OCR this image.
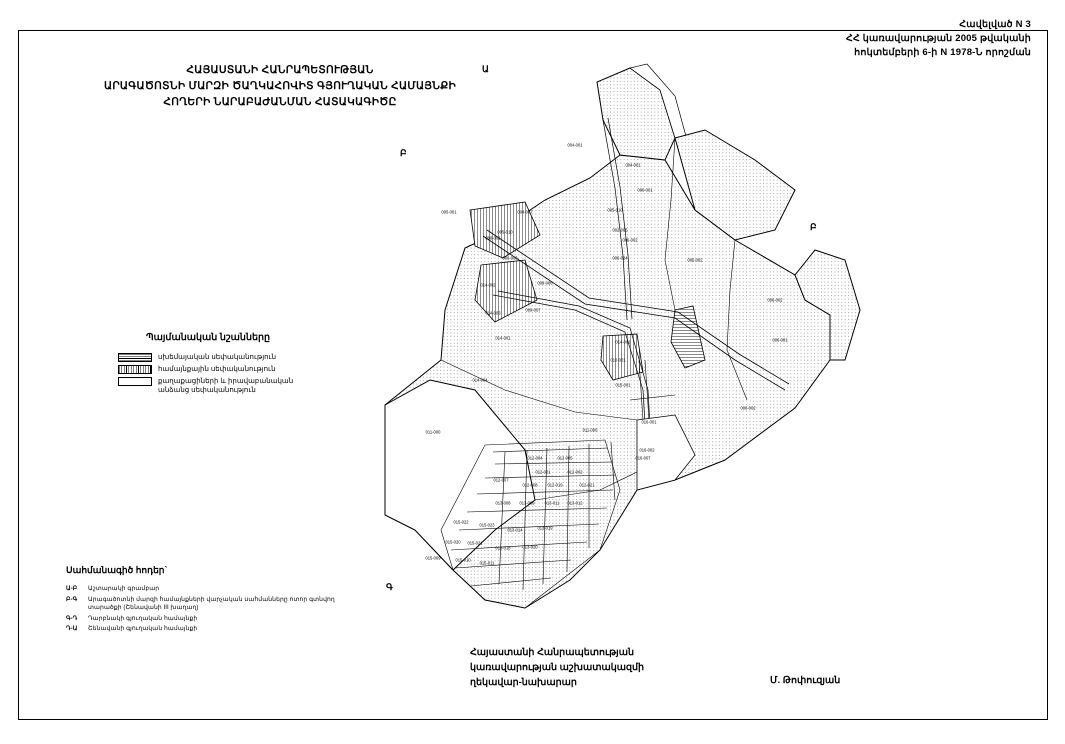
Հավելված N 3
ՀՀ կառավարության 2005 թվականի
հոկտեմբերի 6-ի N 1978-Ն որոշման
ՀԱՅԱՍՏԱՆԻ ՀԱՆՐԱՊԵՏՈՒԹՅԱՆ
ԱՐԱԳԱԾՈՏՆԻ ՄԱՐԶԻ ԾԱՂԿԱՀՈՎԻՏ ԳՅՈՒՂԱԿԱՆ ՀԱՄԱՅՆՔԻ
ՀՈՂԵՐԻ ՆԱՐԱԲԱԺԱՆՄԱՆ ՀԱՏԱԿԱԳԻԾԸ
Ա
Բ
Բ
Գ
004-001
004-001
006-001
005-001	004-007	005-010
005-010	002-005
008-001	006-002
006-003	006-024	006-002
014-002	009-006
006-002
014-003
009-007
006-001
014-001
014-001
010-001
014-004
015-001
006-002
011-000	011-000
016-001
016-002
016-007
012-004	012-005
012-001	012-002
012-007
012-008 012-019	012-021
013-008 013-009 013-011 013-012
015-022
015-023
013-014	013-019
015-020 015-021
013-018	013-020
015-009	015-010
015-011
Պայմանական նշանները
սխեմայական սեփականություն
համայնքային սեփականություն
քաղաքացիների և իրավաբանական
անձանց սեփականություն
Սահմանագիծ հոդեր`
Ա-Բ	Աշտարակի գրամբար
Բ-Գ	Արագածոտնի մարզի համայնքների վարչական սահմանները ոտոր գտնվող տարածքի (Շենավանի III խաղաղ)
Գ-Դ	Դարբնակի գյուղական համայնքի
Դ-Ա	Շենավանի գյուղական համայնքի
Հայաստանի Հանրապետության
կառավարության աշխատակազմի
ղեկավար-նախարար	Մ. Թոփուզյան
